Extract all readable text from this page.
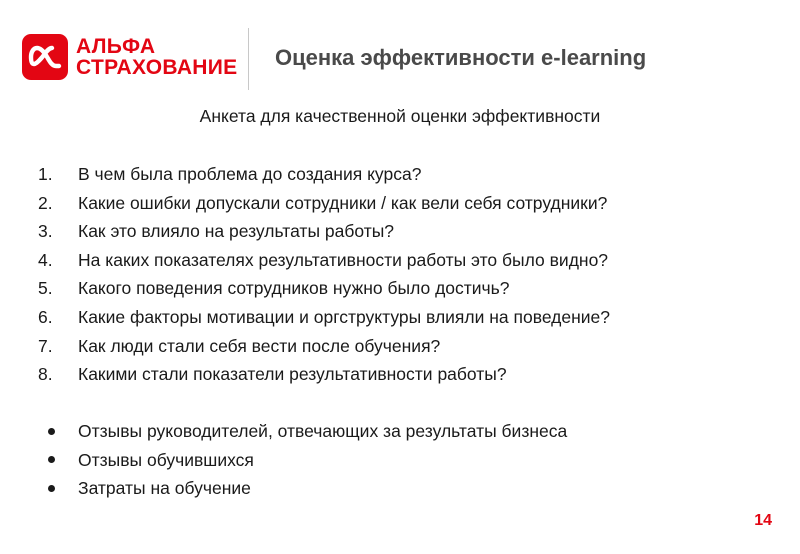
АЛЬФА
СТРАХОВАНИЕ Оценка эффективности e-learning
Анкета для качественной оценки эффективности
1.	В чем была проблема до создания курса?
2.	Какие ошибки допускали сотрудники / как вели себя сотрудники?
3.	Как это влияло на результаты работы?
4.	На каких показателях результативности работы это было видно?
5.	Какого поведения сотрудников нужно было достичь?
6.	Какие факторы мотивации и оргструктуры влияли на поведение?
7.	Как люди стали себя вести после обучения?
8.	Какими стали показатели результативности работы?
Отзывы руководителей, отвечающих за результаты бизнеса
Отзывы обучившихся
Затраты на обучение
14
